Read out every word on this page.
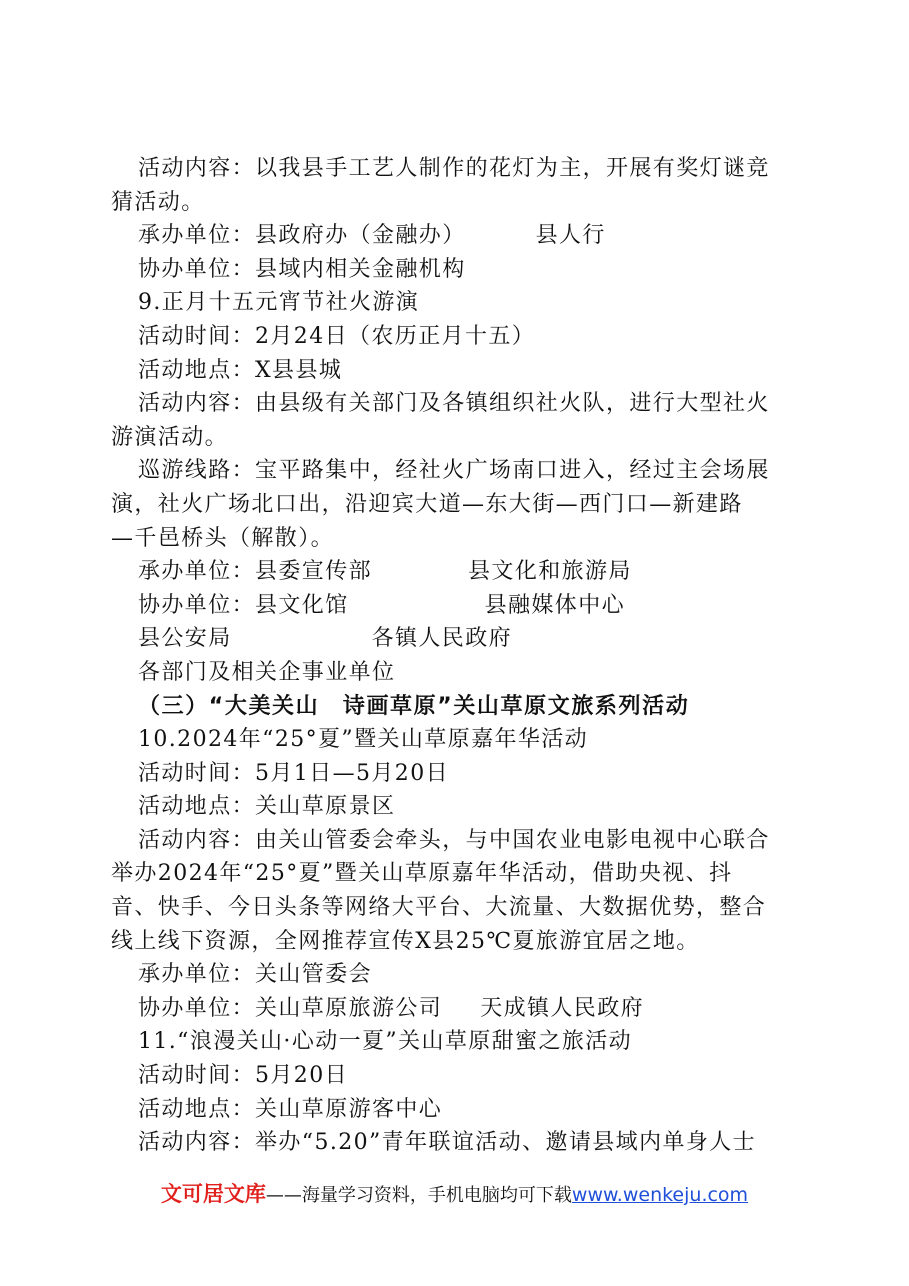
活动内容：以我县手工艺人制作的花灯为主，开展有奖灯谜竞
猜活动。
承办单位：县政府办（金融办）	县人行
协办单位：县域内相关金融机构
9.正月十五元宵节社火游演
活动时间：2月24日（农历正月十五）
活动地点：X县县城
活动内容：由县级有关部门及各镇组织社火队，进行大型社火
游演活动。
巡游线路：宝平路集中，经社火广场南口进入，经过主会场展
演，社火广场北口出，沿迎宾大道—东大街—西门口—新建路
—千邑桥头（解散）。
承办单位：县委宣传部	县文化和旅游局
协办单位：县文化馆	县融媒体中心
县公安局	各镇人民政府
各部门及相关企事业单位
（三）“大美关山　诗画草原”关山草原文旅系列活动
10.2024年“25°夏”暨关山草原嘉年华活动
活动时间：5月1日—5月20日
活动地点：关山草原景区
活动内容：由关山管委会牵头，与中国农业电影电视中心联合
举办2024年“25°夏”暨关山草原嘉年华活动，借助央视、抖
音、快手、今日头条等网络大平台、大流量、大数据优势，整合
线上线下资源，全网推荐宣传X县25℃夏旅游宜居之地。
承办单位：关山管委会
协办单位：关山草原旅游公司 天成镇人民政府
11.“浪漫关山·心动一夏”关山草原甜蜜之旅活动
活动时间：5月20日
活动地点：关山草原游客中心
活动内容：举办“5.20”青年联谊活动、邀请县域内单身人士
文可居文库——海量学习资料，手机电脑均可下载www.wenkeju.com
